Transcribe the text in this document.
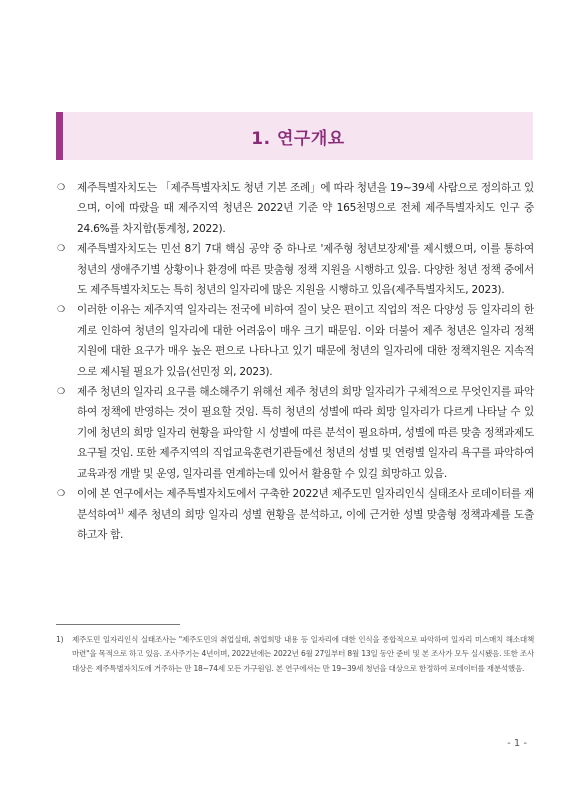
1. 연구개요
❍	제주특별자치도는 「제주특별자치도 청년 기본 조례」에 따라 청년을 19~39세 사람으로 정의하고 있으며, 이에 따랐을 때 제주지역 청년은 2022년 기준 약 165천명으로 전체 제주특별자치도 인구 중 24.6%를 차지함(통계청, 2022).
❍	제주특별자치도는 민선 8기 7대 핵심 공약 중 하나로 '제주형 청년보장제'를 제시했으며, 이를 통하여 청년의 생애주기별 상황이나 환경에 따른 맞춤형 정책 지원을 시행하고 있음. 다양한 청년 정책 중에서도 제주특별자치도는 특히 청년의 일자리에 많은 지원을 시행하고 있음(제주특별자치도, 2023).
❍	이러한 이유는 제주지역 일자리는 전국에 비하여 질이 낮은 편이고 직업의 적은 다양성 등 일자리의 한계로 인하여 청년의 일자리에 대한 어려움이 매우 크기 때문임. 이와 더불어 제주 청년은 일자리 정책 지원에 대한 요구가 매우 높은 편으로 나타나고 있기 때문에 청년의 일자리에 대한 정책지원은 지속적으로 제시될 필요가 있음(선민정 외, 2023).
❍	제주 청년의 일자리 요구를 해소해주기 위해선 제주 청년의 희망 일자리가 구체적으로 무엇인지를 파악하여 정책에 반영하는 것이 필요할 것임. 특히 청년의 성별에 따라 희망 일자리가 다르게 나타날 수 있기에 청년의 희망 일자리 현황을 파악할 시 성별에 따른 분석이 필요하며, 성별에 따른 맞춤 정책과제도 요구될 것임. 또한 제주지역의 직업교육훈련기관들에선 청년의 성별 및 연령별 일자리 욕구를 파악하여 교육과정 개발 및 운영, 일자리를 연계하는데 있어서 활용할 수 있길 희망하고 있음.
❍	이에 본 연구에서는 제주특별자치도에서 구축한 2022년 제주도민 일자리인식 실태조사 로데이터를 재분석하여$^{1)}$ 제주 청년의 희망 일자리 성별 현황을 분석하고, 이에 근거한 성별 맞춤형 정책과제를 도출하고자 함.
1)	제주도민 일자리인식 실태조사는 "제주도민의 취업실태, 취업희망 내용 등 일자리에 대한 인식을 종합적으로 파악하여 일자리 미스매치 해소대책 마련"을 목적으로 하고 있음. 조사주기는 4년이며, 2022년에는 2022년 6월 27일부터 8월 13일 동안 준비 및 본 조사가 모두 실시됐음. 또한 조사대상은 제주특별자치도에 거주하는 만 18~74세 모든 가구원임. 본 연구에서는 만 19~39세 청년을 대상으로 한정하여 로데이터를 재분석했음.
- 1 -
